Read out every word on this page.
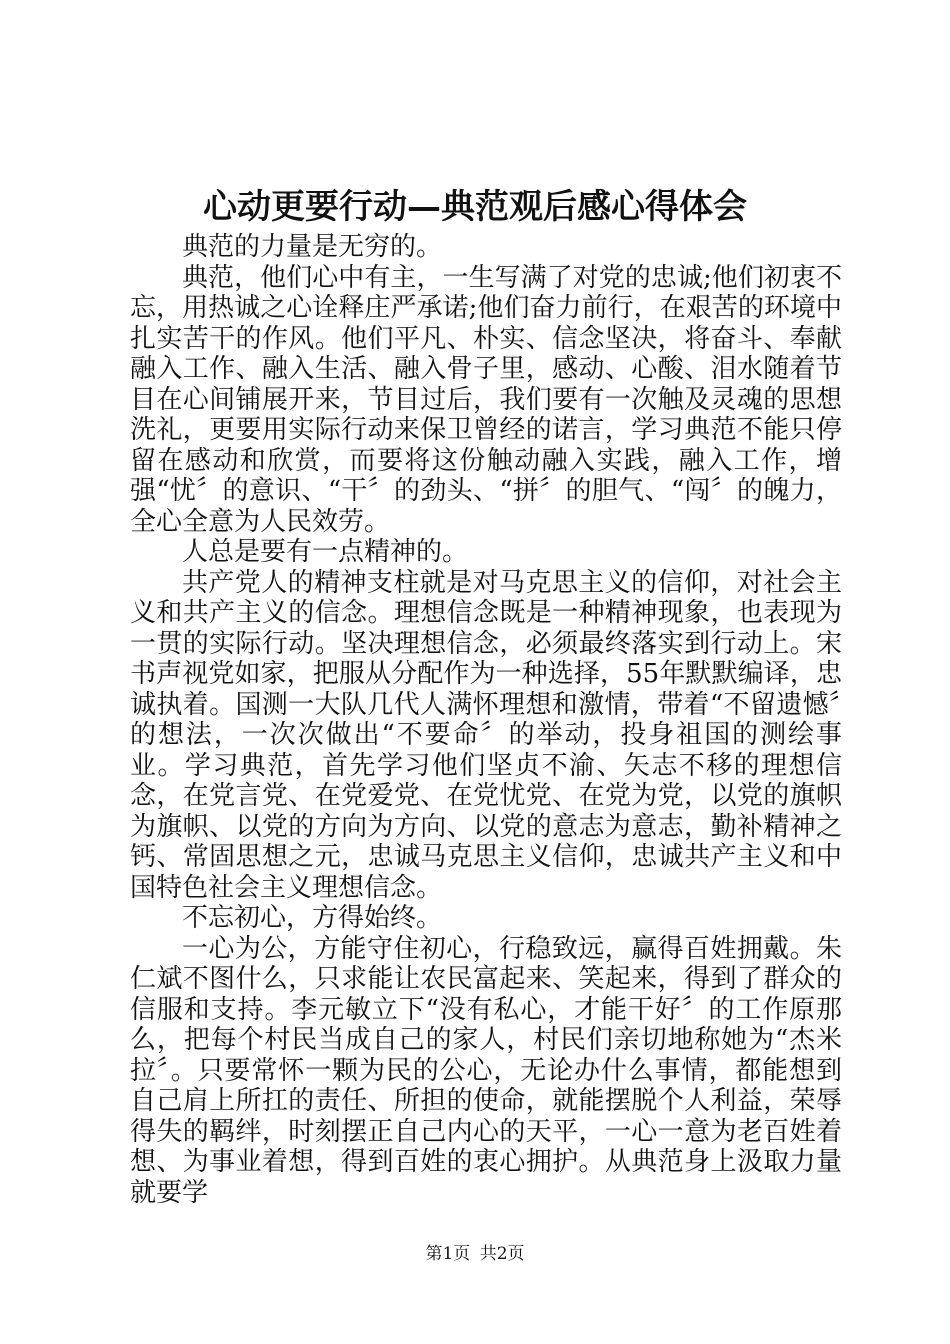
心动更要行动—典范观后感心得体会

典范的力量是无穷的。

典范，他们心中有主，一生写满了对党的忠诚;他们初衷不忘，用热诚之心诠释庄严承诺;他们奋力前行，在艰苦的环境中扎实苦干的作风。他们平凡、朴实、信念坚决，将奋斗、奉献融入工作、融入生活、融入骨子里，感动、心酸、泪水随着节目在心间铺展开来，节目过后，我们要有一次触及灵魂的思想洗礼，更要用实际行动来保卫曾经的诺言，学习典范不能只停留在感动和欣赏，而要将这份触动融入实践，融入工作，增强“忧〞的意识、“干〞的劲头、“拼〞的胆气、“闯〞的魄力，全心全意为人民效劳。

人总是要有一点精神的。

共产党人的精神支柱就是对马克思主义的信仰，对社会主义和共产主义的信念。理想信念既是一种精神现象，也表现为一贯的实际行动。坚决理想信念，必须最终落实到行动上。宋书声视党如家，把服从分配作为一种选择，55年默默编译，忠诚执着。国测一大队几代人满怀理想和激情，带着“不留遗憾〞的想法，一次次做出“不要命〞的举动，投身祖国的测绘事业。学习典范，首先学习他们坚贞不渝、矢志不移的理想信念，在党言党、在党爱党、在党忧党、在党为党，以党的旗帜为旗帜、以党的方向为方向、以党的意志为意志，勤补精神之钙、常固思想之元，忠诚马克思主义信仰，忠诚共产主义和中国特色社会主义理想信念。

不忘初心，方得始终。

一心为公，方能守住初心，行稳致远，赢得百姓拥戴。朱仁斌不图什么，只求能让农民富起来、笑起来，得到了群众的信服和支持。李元敏立下“没有私心，才能干好〞的工作原那么，把每个村民当成自己的家人，村民们亲切地称她为“杰米拉〞。只要常怀一颗为民的公心，无论办什么事情，都能想到自己肩上所扛的责任、所担的使命，就能摆脱个人利益，荣辱得失的羁绊，时刻摆正自己内心的天平，一心一意为老百姓着想、为事业着想，得到百姓的衷心拥护。从典范身上汲取力量就要学

第1页 共2页
